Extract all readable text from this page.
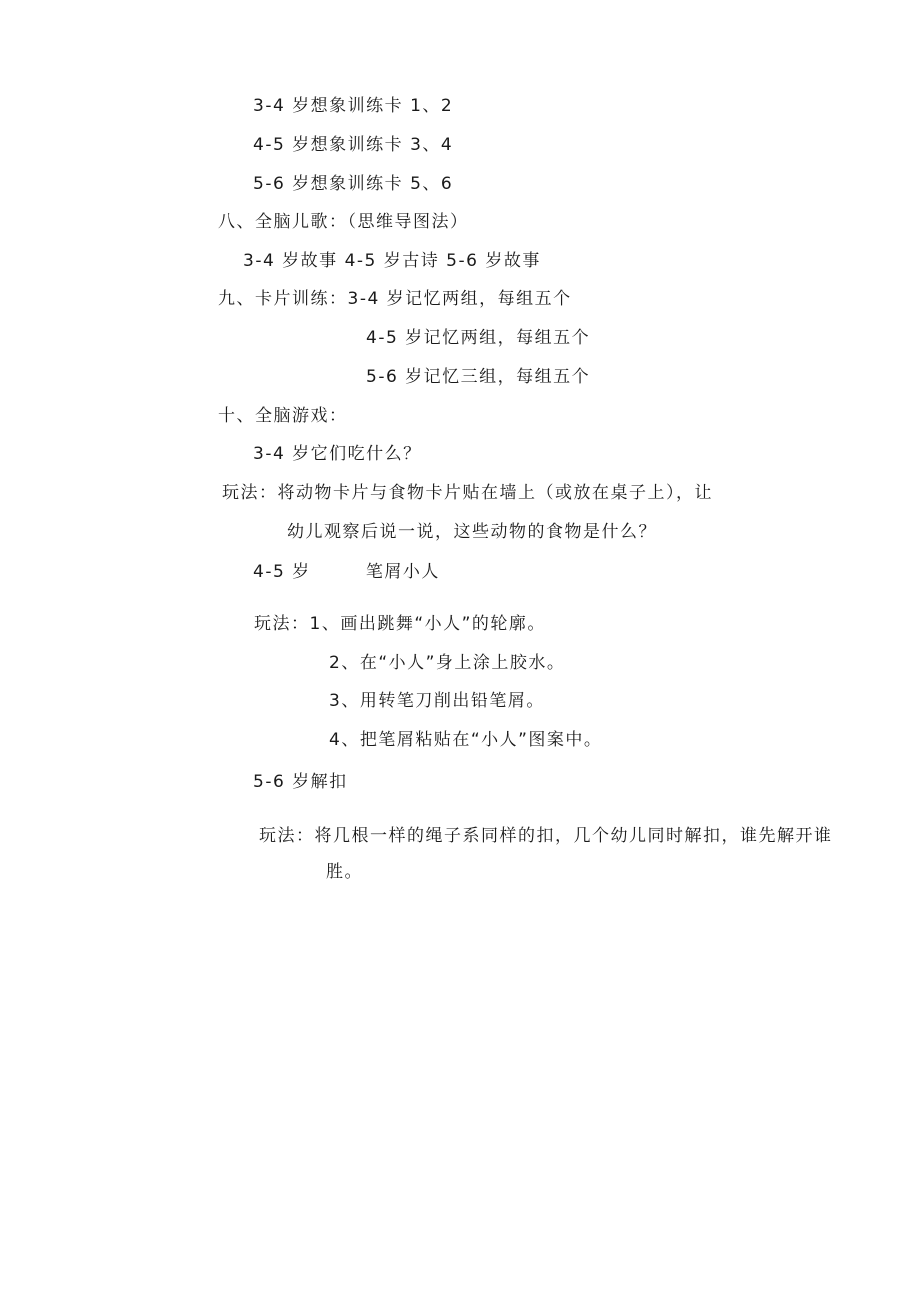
3-4 岁想象训练卡 1、2
4-5 岁想象训练卡 3、4
5-6 岁想象训练卡 5、6
八、全脑儿歌：（思维导图法）
3-4 岁故事 4-5 岁古诗 5-6 岁故事
九、卡片训练：3-4 岁记忆两组，每组五个
4-5 岁记忆两组，每组五个
5-6 岁记忆三组，每组五个
十、全脑游戏：
3-4 岁它们吃什么？
玩法：将动物卡片与食物卡片贴在墙上（或放在桌子上），让
幼儿观察后说一说，这些动物的食物是什么？
4-5 岁        笔屑小人
玩法：1、画出跳舞“小人”的轮廓。
2、在“小人”身上涂上胶水。
3、用转笔刀削出铅笔屑。
4、把笔屑粘贴在“小人”图案中。
5-6 岁解扣
玩法：将几根一样的绳子系同样的扣，几个幼儿同时解扣，谁先解开谁
胜。
